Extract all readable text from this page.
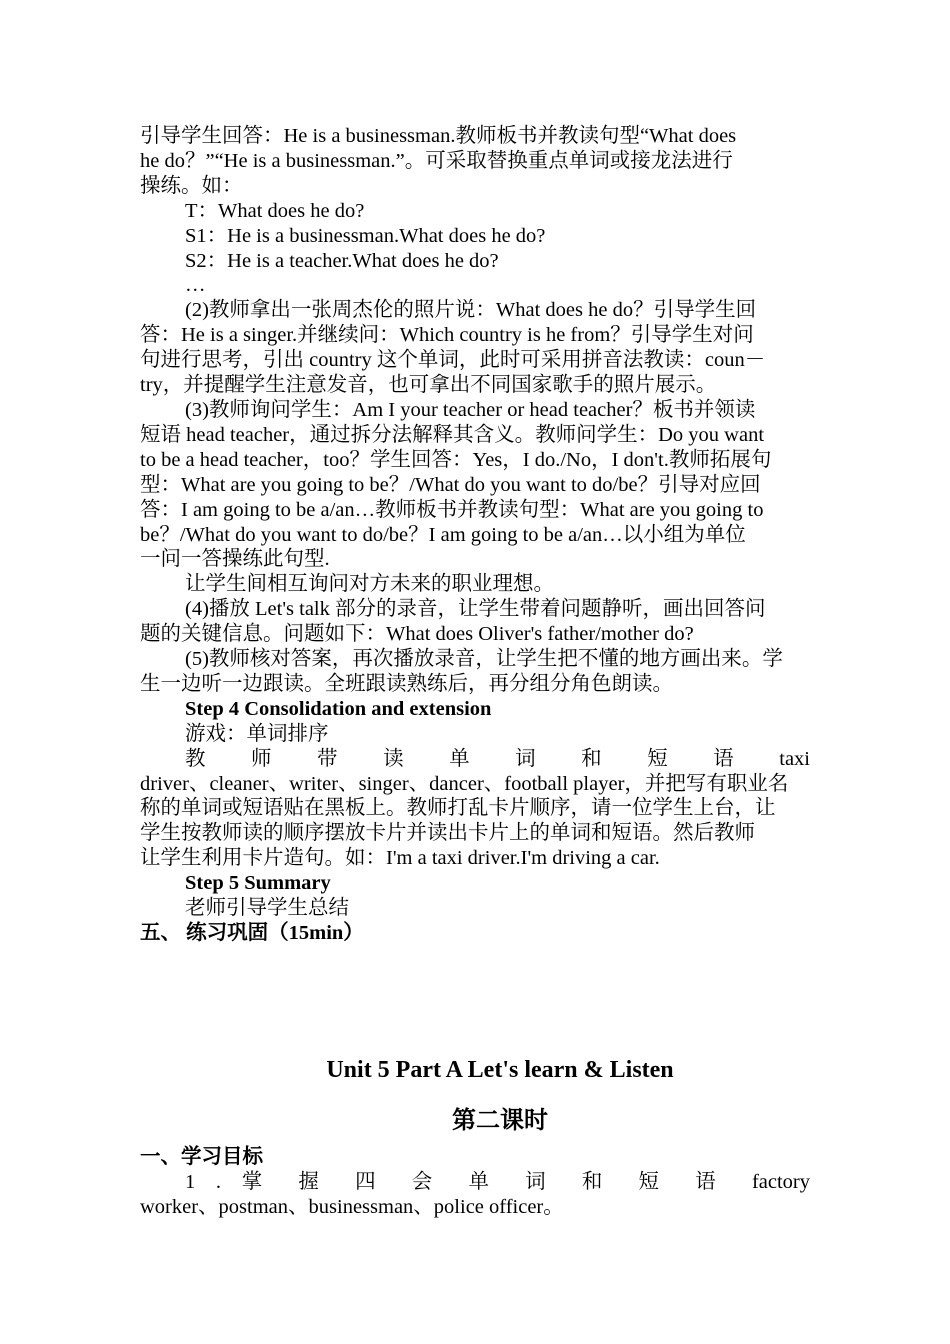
引导学生回答：He is a businessman.教师板书并教读句型“What does

he do？”“He is a businessman.”。可采取替换重点单词或接龙法进行

操练。如：

T：What does he do?

S1：He is a businessman.What does he do?

S2：He is a teacher.What does he do?

…

(2)教师拿出一张周杰伦的照片说：What does he do？引导学生回

答：He is a singer.并继续问：Which country is he from？引导学生对问

句进行思考，引出 country 这个单词，此时可采用拼音法教读：coun－

try，并提醒学生注意发音，也可拿出不同国家歌手的照片展示。

(3)教师询问学生：Am I your teacher or head teacher？板书并领读

短语 head teacher，通过拆分法解释其含义。教师问学生：Do you want

to be a head teacher，too？学生回答：Yes，I do./No，I don't.教师拓展句

型：What are you going to be？/What do you want to do/be？引导对应回

答：I am going to be a/an…教师板书并教读句型：What are you going to

be？/What do you want to do/be？I am going to be a/an…以小组为单位

一问一答操练此句型.

让学生间相互询问对方未来的职业理想。

(4)播放 Let's talk 部分的录音，让学生带着问题静听，画出回答问

题的关键信息。问题如下：What does Oliver's father/mother do?

(5)教师核对答案，再次播放录音，让学生把不懂的地方画出来。学

生一边听一边跟读。全班跟读熟练后，再分组分角色朗读。

Step 4 Consolidation and extension

游戏：单词排序

教 师 带 读 单 词 和 短 语 taxi

driver、cleaner、writer、singer、dancer、football player，并把写有职业名

称的单词或短语贴在黑板上。教师打乱卡片顺序，请一位学生上台，让

学生按教师读的顺序摆放卡片并读出卡片上的单词和短语。然后教师

让学生利用卡片造句。如：I'm a taxi driver.I'm driving a car.

Step 5 Summary

老师引导学生总结

五、 练习巩固（15min）

Unit 5 Part A Let's learn & Listen
第二课时

一、学习目标

1 . 掌 握 四 会 单 词 和 短 语 factory

worker、postman、businessman、police officer。
